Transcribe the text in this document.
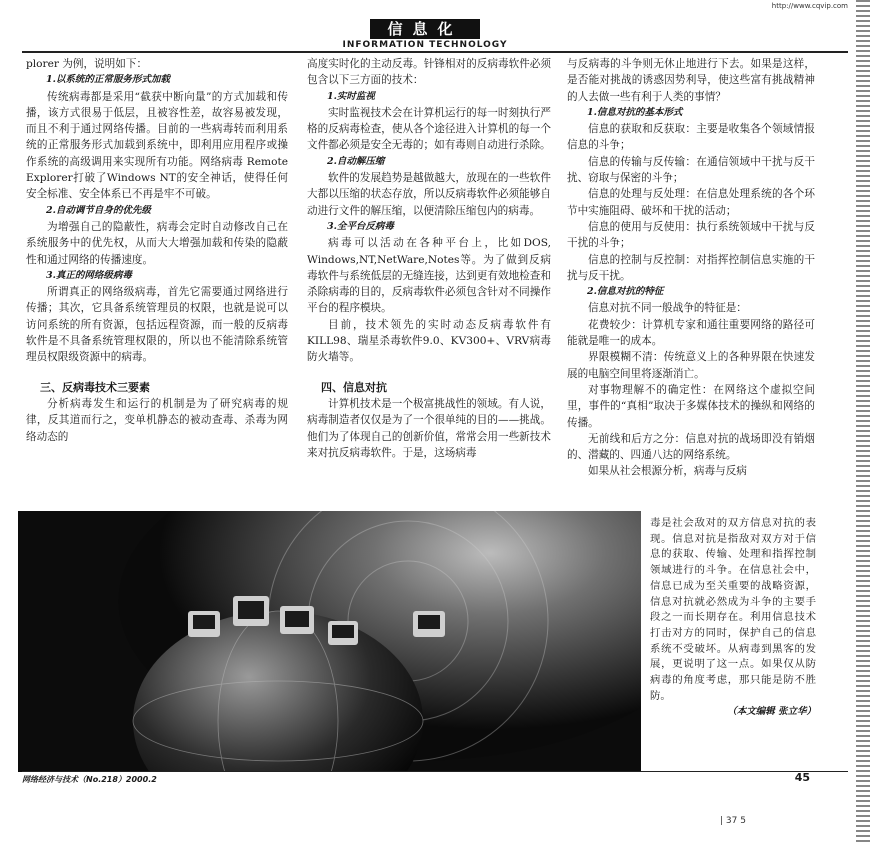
http://www.cqvip.com
信息化
INFORMATION TECHNOLOGY

plorer 为例，说明如下：

1.以系统的正常服务形式加载

传统病毒都是采用“截获中断向量”的方式加载和传播，该方式很易于低层，且被容性差，故容易被发现，而且不利于通过网络传播。目前的一些病毒转而利用系统的正常服务形式加载到系统中，即利用应用程序或操作系统的高级调用来实现所有功能。网络病毒 Remote Explorer打破了Windows NT的安全神话，使得任何安全标准、安全体系已不再是牢不可破。

2.自动调节自身的优先级

为增强自己的隐蔽性，病毒会定时自动修改自己在系统服务中的优先权，从而大大增强加载和传染的隐蔽性和通过网络的传播速度。

3.真正的网络级病毒

所谓真正的网络级病毒，首先它需要通过网络进行传播；其次，它具备系统管理员的权限，也就是说可以访问系统的所有资源，包括远程资源，而一般的反病毒软件是不具备系统管理权限的，所以也不能清除系统管理员权限级资源中的病毒。

三、反病毒技术三要素

分析病毒发生和运行的机制是为了研究病毒的规律，反其道而行之，变单机静态的被动查毒、杀毒为网络动态的

高度实时化的主动反毒。针锋相对的反病毒软件必须包含以下三方面的技术：

1.实时监视

实时监视技术会在计算机运行的每一时刻执行严格的反病毒检查，使从各个途径进入计算机的每一个文件都必须是安全无毒的；如有毒则自动进行杀除。

2.自动解压缩

软件的发展趋势是越做越大，放现在的一些软件大都以压缩的状态存放，所以反病毒软件必须能够自动进行文件的解压缩，以便清除压缩包内的病毒。

3.全平台反病毒

病毒可以活动在各种平台上，比如DOS, Windows,NT,NetWare,Notes等。为了做到反病毒软件与系统低层的无缝连接，达到更有效地检查和杀除病毒的目的，反病毒软件必须包含针对不同操作平台的程序模块。

目前，技术领先的实时动态反病毒软件有 KILL98、瑞星杀毒软件9.0、KV300+、VRV病毒防火墙等。

四、信息对抗

计算机技术是一个极富挑战性的领域。有人说，病毒制造者仅仅是为了一个很单纯的目的——挑战。他们为了体现自己的创新价值，常常会用一些新技术来对抗反病毒软件。于是，这场病毒

与反病毒的斗争则无休止地进行下去。如果是这样，是否能对挑战的诱惑因势利导，使这些富有挑战精神的人去做一些有利于人类的事情？

1.信息对抗的基本形式

信息的获取和反获取：主要是收集各个领域情报信息的斗争；

信息的传输与反传输：在通信领域中干扰与反干扰、窃取与保密的斗争；

信息的处理与反处理：在信息处理系统的各个环节中实施阻碍、破坏和干扰的活动；

信息的使用与反使用：执行系统领域中干扰与反干扰的斗争；

信息的控制与反控制：对指挥控制信息实施的干扰与反干扰。

2.信息对抗的特征

信息对抗不同一般战争的特征是：

花费较少：计算机专家和通往重要网络的路径可能就是唯一的成本。

界限模糊不清：传统意义上的各种界限在快速发展的电脑空间里将逐渐消亡。

对事物理解不的确定性：在网络这个虚拟空间里，事件的“真相”取决于多媒体技术的操纵和网络的传播。

无前线和后方之分：信息对抗的战场即没有销烟的、潜藏的、四通八达的网络系统。

如果从社会根源分析，病毒与反病

毒是社会敌对的双方信息对抗的表现。信息对抗是指敌对双方对于信息的获取、传输、处理和指挥控制领域进行的斗争。在信息社会中，信息已成为至关重要的战略资源，信息对抗就必然成为斗争的主要手段之一而长期存在。利用信息技术打击对方的同时，保护自己的信息系统不受破坏。从病毒到黑客的发展，更说明了这一点。如果仅从防病毒的角度考虑，那只能是防不胜防。

（本文编辑 张立华）

网络经济与技术（No.218）2000.2	45
| 37 5
